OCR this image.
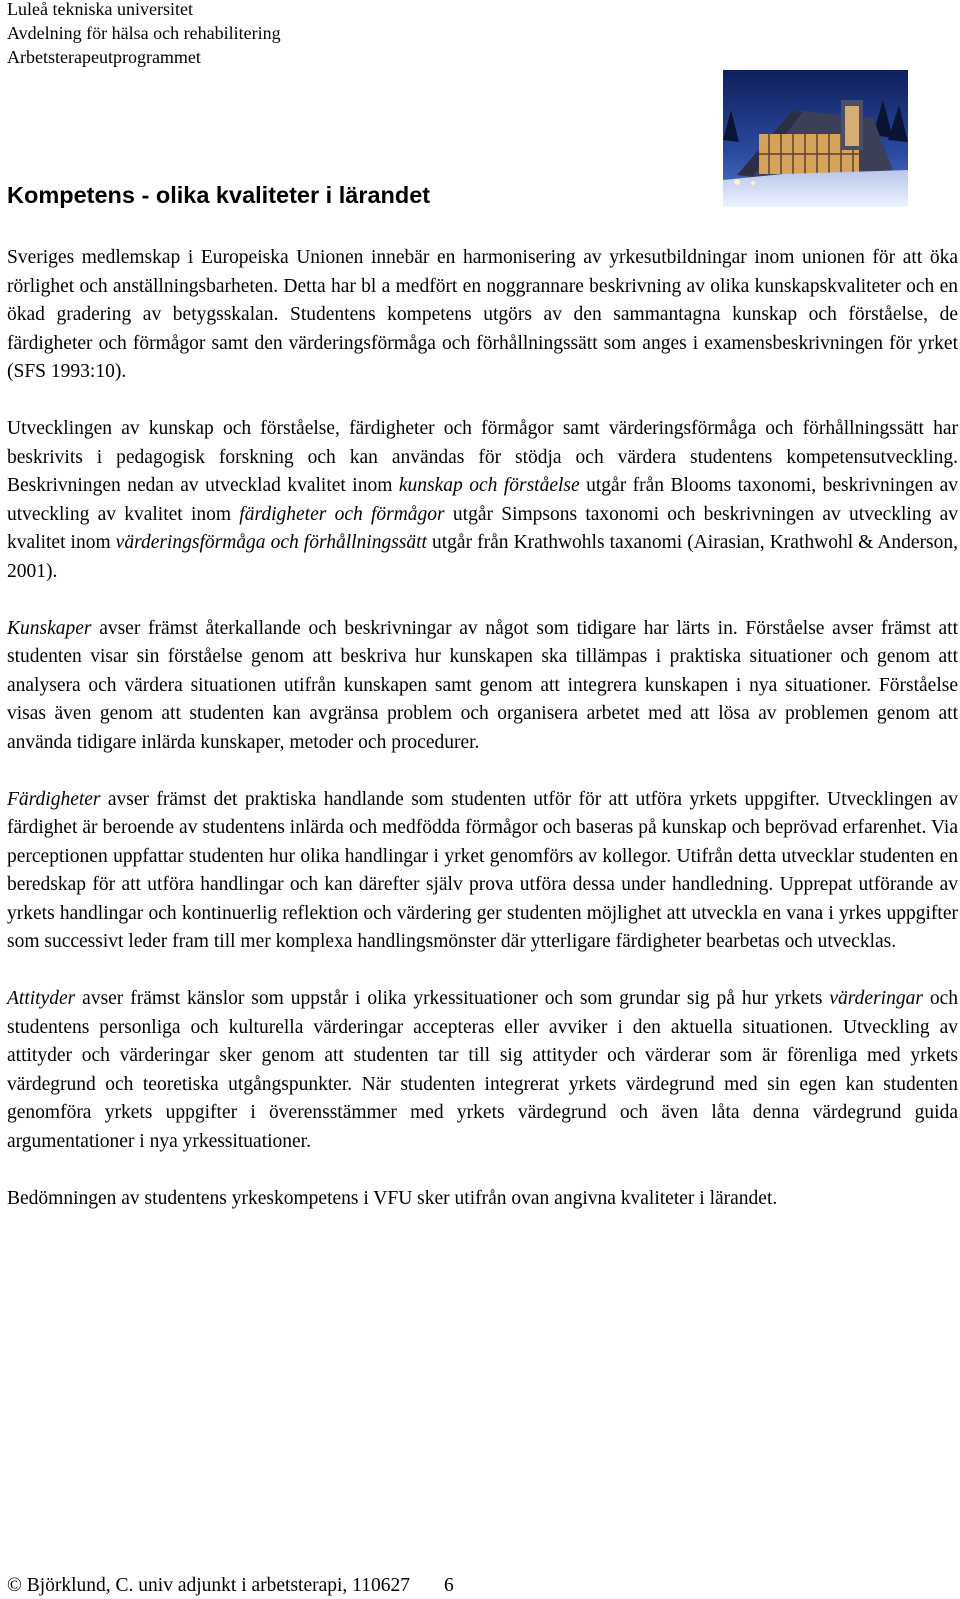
Luleå tekniska universitet
Avdelning för hälsa och rehabilitering
Arbetsterapeutprogrammet
Kompetens - olika kvaliteter i lärandet

Sveriges medlemskap i Europeiska Unionen innebär en harmonisering av yrkesutbildningar inom unionen för att öka rörlighet och anställningsbarheten. Detta har bl a medfört en noggrannare beskrivning av olika kunskapskvaliteter och en ökad gradering av betygsskalan. Studentens kompetens utgörs av den sammantagna kunskap och förståelse, de färdigheter och förmågor samt den värderingsförmåga och förhållningssätt som anges i examensbeskrivningen för yrket (SFS 1993:10).

Utvecklingen av kunskap och förståelse, färdigheter och förmågor samt värderingsförmåga och förhållningssätt har beskrivits i pedagogisk forskning och kan användas för stödja och värdera studentens kompetensutveckling. Beskrivningen nedan av utvecklad kvalitet inom kunskap och förståelse utgår från Blooms taxonomi, beskrivningen av utveckling av kvalitet inom färdigheter och förmågor utgår Simpsons taxonomi och beskrivningen av utveckling av kvalitet inom värderingsförmåga och förhållningssätt utgår från Krathwohls taxanomi (Airasian, Krathwohl & Anderson, 2001).

Kunskaper avser främst återkallande och beskrivningar av något som tidigare har lärts in. Förståelse avser främst att studenten visar sin förståelse genom att beskriva hur kunskapen ska tillämpas i praktiska situationer och genom att analysera och värdera situationen utifrån kunskapen samt genom att integrera kunskapen i nya situationer. Förståelse visas även genom att studenten kan avgränsa problem och organisera arbetet med att lösa av problemen genom att använda tidigare inlärda kunskaper, metoder och procedurer.

Färdigheter avser främst det praktiska handlande som studenten utför för att utföra yrkets uppgifter. Utvecklingen av färdighet är beroende av studentens inlärda och medfödda förmågor och baseras på kunskap och beprövad erfarenhet. Via perceptionen uppfattar studenten hur olika handlingar i yrket genomförs av kollegor. Utifrån detta utvecklar studenten en beredskap för att utföra handlingar och kan därefter själv prova utföra dessa under handledning. Upprepat utförande av yrkets handlingar och kontinuerlig reflektion och värdering ger studenten möjlighet att utveckla en vana i yrkes uppgifter som successivt leder fram till mer komplexa handlingsmönster där ytterligare färdigheter bearbetas och utvecklas.

Attityder avser främst känslor som uppstår i olika yrkessituationer och som grundar sig på hur yrkets värderingar och studentens personliga och kulturella värderingar accepteras eller avviker i den aktuella situationen. Utveckling av attityder och värderingar sker genom att studenten tar till sig attityder och värderar som är förenliga med yrkets värdegrund och teoretiska utgångspunkter. När studenten integrerat yrkets värdegrund med sin egen kan studenten genomföra yrkets uppgifter i överensstämmer med yrkets värdegrund och även låta denna värdegrund guida argumentationer i nya yrkessituationer.

Bedömningen av studentens yrkeskompetens i VFU sker utifrån ovan angivna kvaliteter i lärandet.

© Björklund, C. univ adjunkt i arbetsterapi, 110627 6
